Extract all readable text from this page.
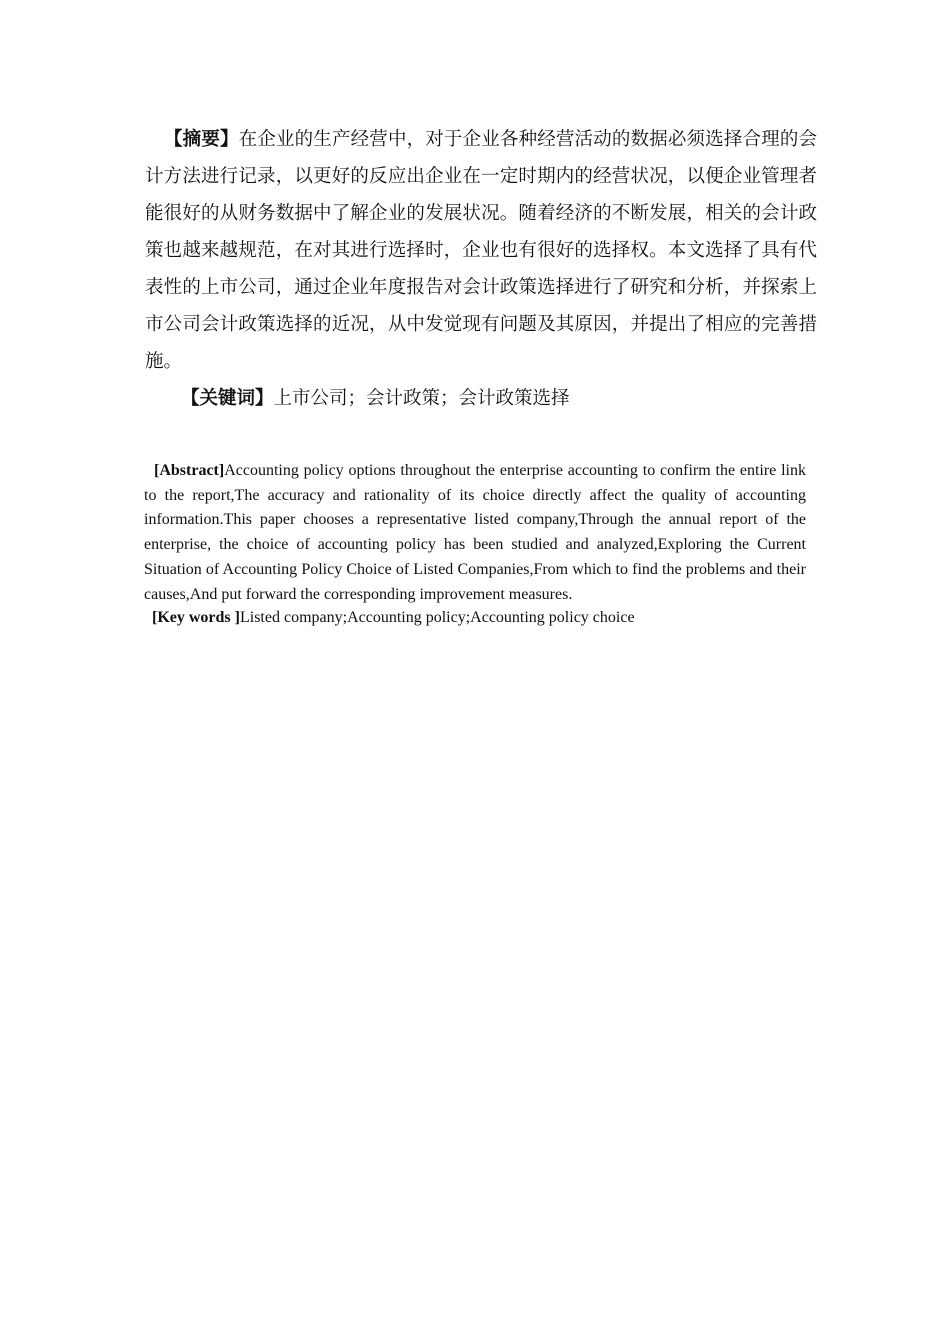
【摘要】在企业的生产经营中，对于企业各种经营活动的数据必须选择合理的会计方法进行记录，以更好的反应出企业在一定时期内的经营状况，以便企业管理者能很好的从财务数据中了解企业的发展状况。随着经济的不断发展，相关的会计政策也越来越规范，在对其进行选择时，企业也有很好的选择权。本文选择了具有代表性的上市公司，通过企业年度报告对会计政策选择进行了研究和分析，并探索上市公司会计政策选择的近况，从中发觉现有问题及其原因，并提出了相应的完善措施。

【关键词】上市公司；会计政策；会计政策选择

[Abstract]Accounting policy options throughout the enterprise accounting to confirm the entire link to the report,The accuracy and rationality of its choice directly affect the quality of accounting information.This paper chooses a representative listed company,Through the annual report of the enterprise, the choice of accounting policy has been studied and analyzed,Exploring the Current Situation of Accounting Policy Choice of Listed Companies,From which to find the problems and their causes,And put forward the corresponding improvement measures.

[Key words ]Listed company;Accounting policy;Accounting policy choice
